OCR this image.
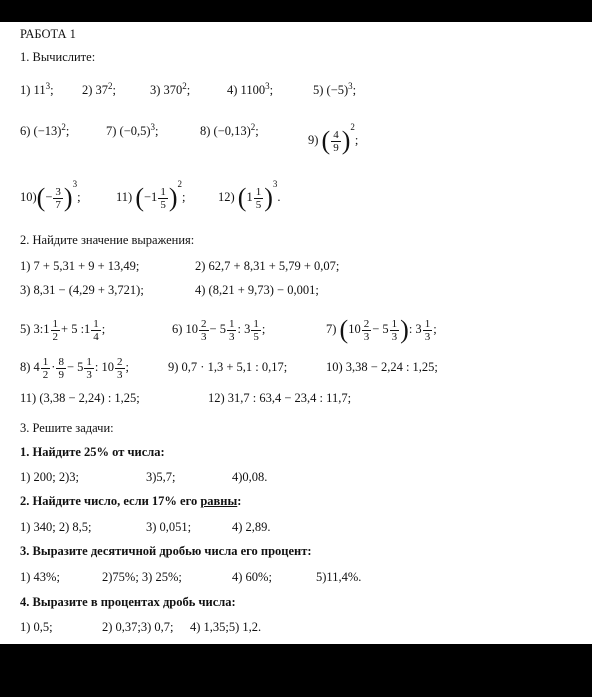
РАБОТА 1
1. Вычислите:
1) $11^3$; 2) $37^2$;	3) $370^2$;	4) 1100$^3$;	5) $(-5)^3$;
6) $(-13)^2$;	7) $(-0,5)^3$;	8) $(-0,13)^2$;
9) ( $\frac{4}{9} )^2$;
$10)(- \frac{3}{7} )^3$;	11) $(-1 \frac{1}{5} )^2$;	12) $(1 \frac{1}{5} )^3$.
2. Найдите значение выражения:
1) 7 + 5,31 + 9 + 13,49;	2) 62,7 + 8,31 + 5,79 + 0,07;
3) 8,31 − (4,29 + 3,721);	4) (8,21 + 9,73) − 0,001;
5) 3:1 $\frac{1}{2} + 5$ :1 $\frac{1}{4}$ ;	6) $10 \frac{2}{3} - 5 \frac{1}{3}$ : $3 \frac{1}{5}$ ;	7) ($10 \frac{2}{3} - 5 \frac{1}{3}$ ): $3 \frac{1}{3}$ ;
8) $4 \frac{1}{2} \cdot \frac{8}{9} - 5 \frac{1}{3}$ : $10 \frac{2}{3}$ ;	9) 0,7 · 1,3 + 5,1 : 0,17;	10) 3,38 − 2,24 : 1,25;
11) (3,38 − 2,24) : 1,25;	12) 31,7 : 63,4 − 23,4 : 11,7;
3. Решите задачи:
1. Найдите 25% от числа:
1) 200; 2)3;	3)5,7;	4)0,08.
2. Найдите число, если 17% его равны:
1) 340; 2) 8,5;	3) 0,051;	4) 2,89.
3. Выразите десятичной дробью числа его процент:
1) 43%;	2)75%; 3) 25%;	4) 60%;	5)11,4%.
4. Выразите в процентах дробь числа:
1) 0,5;	2) 0,37;3) 0,7; 4) 1,35;5) 1,2.
